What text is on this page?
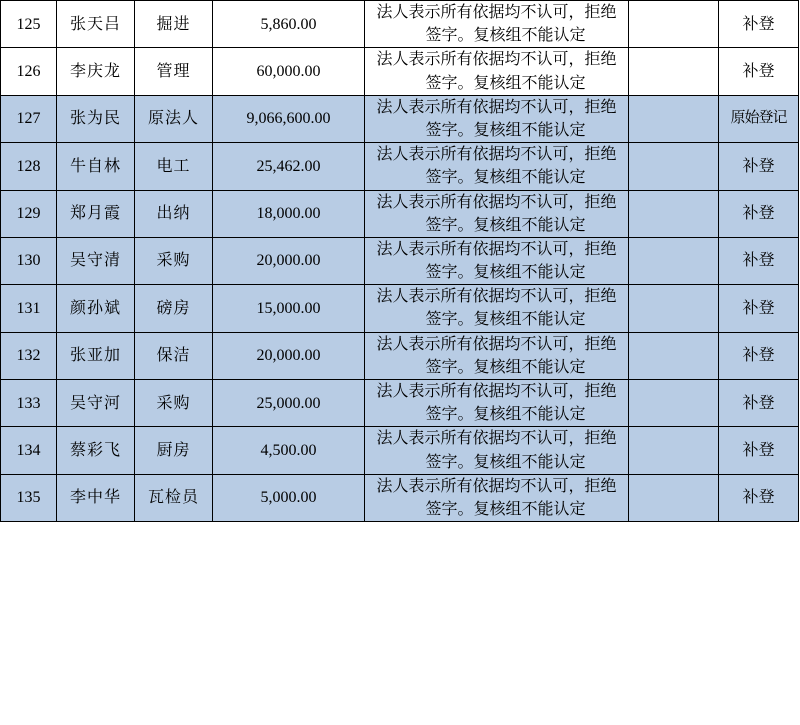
125	张天吕	掘进	5,860.00	法人表示所有依据均不认可，拒绝
签字。复核组不能认定		补登
126	李庆龙	管理	60,000.00	法人表示所有依据均不认可，拒绝
签字。复核组不能认定		补登
127	张为民	原法人	9,066,600.00	法人表示所有依据均不认可，拒绝
签字。复核组不能认定		原始登记
128	牛自林	电工	25,462.00	法人表示所有依据均不认可，拒绝
签字。复核组不能认定		补登
129	郑月霞	出纳	18,000.00	法人表示所有依据均不认可，拒绝
签字。复核组不能认定		补登
130	吴守清	采购	20,000.00	法人表示所有依据均不认可，拒绝
签字。复核组不能认定		补登
131	颜孙斌	磅房	15,000.00	法人表示所有依据均不认可，拒绝
签字。复核组不能认定		补登
132	张亚加	保洁	20,000.00	法人表示所有依据均不认可，拒绝
签字。复核组不能认定		补登
133	吴守河	采购	25,000.00	法人表示所有依据均不认可，拒绝
签字。复核组不能认定		补登
134	蔡彩飞	厨房	4,500.00	法人表示所有依据均不认可，拒绝
签字。复核组不能认定		补登
135	李中华	瓦检员	5,000.00	法人表示所有依据均不认可，拒绝
签字。复核组不能认定		补登
